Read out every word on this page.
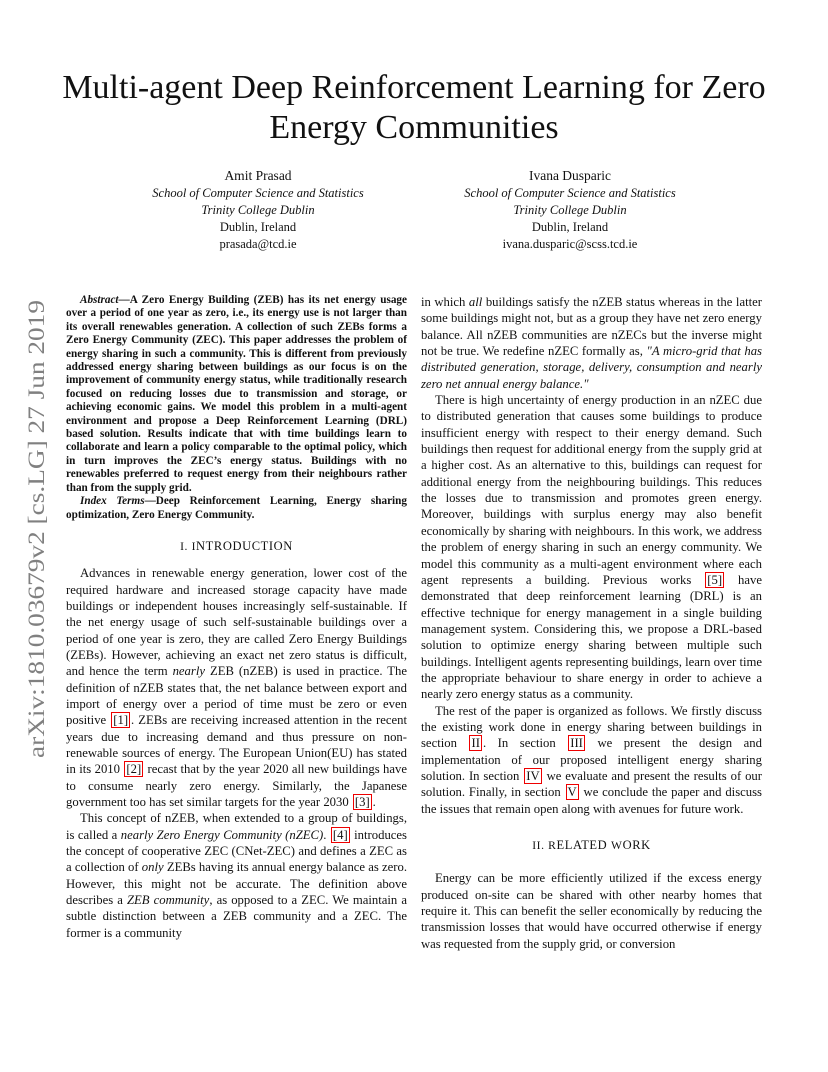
Multi-agent Deep Reinforcement Learning for Zero
Energy Communities
Amit Prasad
School of Computer Science and Statistics
Trinity College Dublin
Dublin, Ireland
prasada@tcd.ie
Ivana Dusparic
School of Computer Science and Statistics
Trinity College Dublin
Dublin, Ireland
ivana.dusparic@scss.tcd.ie
arXiv:1810.03679v2 [cs.LG] 27 Jun 2019

Abstract—A Zero Energy Building (ZEB) has its net energy usage over a period of one year as zero, i.e., its energy use is not larger than its overall renewables generation. A collection of such ZEBs forms a Zero Energy Community (ZEC). This paper addresses the problem of energy sharing in such a community. This is different from previously addressed energy sharing between buildings as our focus is on the improvement of community energy status, while traditionally research focused on reducing losses due to transmission and storage, or achieving economic gains. We model this problem in a multi-agent environment and propose a Deep Reinforcement Learning (DRL) based solution. Results indicate that with time buildings learn to collaborate and learn a policy comparable to the optimal policy, which in turn improves the ZEC’s energy status. Buildings with no renewables preferred to request energy from their neighbours rather than from the supply grid.

Index Terms—Deep Reinforcement Learning, Energy sharing optimization, Zero Energy Community.

I. INTRODUCTION

Advances in renewable energy generation, lower cost of the required hardware and increased storage capacity have made buildings or independent houses increasingly self-sustainable. If the net energy usage of such self-sustainable buildings over a period of one year is zero, they are called Zero Energy Buildings (ZEBs). However, achieving an exact net zero status is difficult, and hence the term nearly ZEB (nZEB) is used in practice. The definition of nZEB states that, the net balance between export and import of energy over a period of time must be zero or even positive [1] . ZEBs are receiving increased attention in the recent years due to increasing demand and thus pressure on non-renewable sources of energy. The European Union(EU) has stated in its 2010 [2] recast that by the year 2020 all new buildings have to consume nearly zero energy. Similarly, the Japanese government too has set similar targets for the year 2030 [3] .

This concept of nZEB, when extended to a group of buildings, is called a nearly Zero Energy Community (nZEC). [4] introduces the concept of cooperative ZEC (CNet-ZEC) and defines a ZEC as a collection of only ZEBs having its annual energy balance as zero. However, this might not be accurate. The definition above describes a ZEB community, as opposed to a ZEC. We maintain a subtle distinction between a ZEB community and a ZEC. The former is a community

in which all buildings satisfy the nZEB status whereas in the latter some buildings might not, but as a group they have net zero energy balance. All nZEB communities are nZECs but the inverse might not be true. We redefine nZEC formally as, "A micro-grid that has distributed generation, storage, delivery, consumption and nearly zero net annual energy balance."

There is high uncertainty of energy production in an nZEC due to distributed generation that causes some buildings to produce insufficient energy with respect to their energy demand. Such buildings then request for additional energy from the supply grid at a higher cost. As an alternative to this, buildings can request for additional energy from the neighbouring buildings. This reduces the losses due to transmission and promotes green energy. Moreover, buildings with surplus energy may also benefit economically by sharing with neighbours. In this work, we address the problem of energy sharing in such an energy community. We model this community as a multi-agent environment where each agent represents a building. Previous works [5] have demonstrated that deep reinforcement learning (DRL) is an effective technique for energy management in a single building management system. Considering this, we propose a DRL-based solution to optimize energy sharing between multiple such buildings. Intelligent agents representing buildings, learn over time the appropriate behaviour to share energy in order to achieve a nearly zero energy status as a community.

The rest of the paper is organized as follows. We firstly discuss the existing work done in energy sharing between buildings in section II . In section III we present the design and implementation of our proposed intelligent energy sharing solution. In section IV we evaluate and present the results of our solution. Finally, in section V we conclude the paper and discuss the issues that remain open along with avenues for future work.

II. RELATED WORK

Energy can be more efficiently utilized if the excess energy produced on-site can be shared with other nearby homes that require it. This can benefit the seller economically by reducing the transmission losses that would have occurred otherwise if energy was requested from the supply grid, or conversion
